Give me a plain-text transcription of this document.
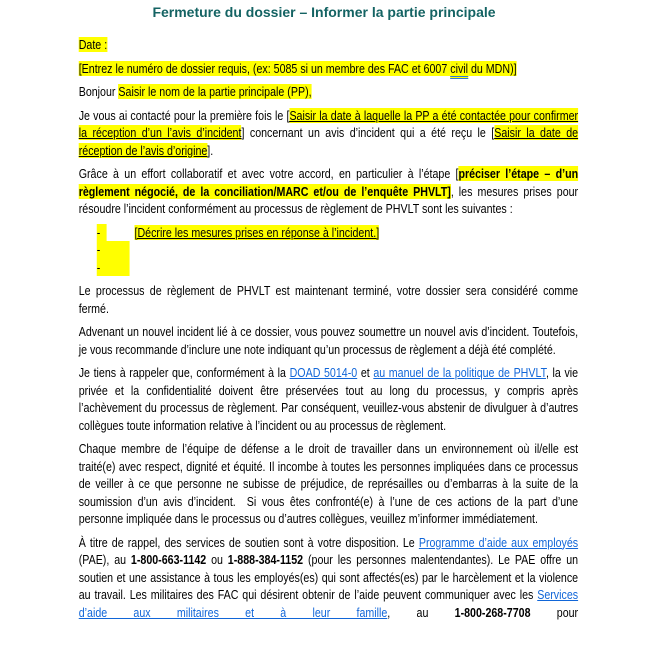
Fermeture du dossier – Informer la partie principale

Date :

[Entrez le numéro de dossier requis, (ex: 5085 si un membre des FAC et 6007 civil du MDN)]

Bonjour Saisir le nom de la partie principale (PP),

Je vous ai contacté pour la première fois le [Saisir la date à laquelle la PP a été contactée pour confirmer la réception d’un l’avis d’incident] concernant un avis d’incident qui a été reçu le [Saisir la date de réception de l’avis d’origine].

Grâce à un effort collaboratif et avec votre accord, en particulier à l’étape [préciser l’étape – d’un règlement négocié, de la conciliation/MARC et/ou de l’enquête PHVLT], les mesures prises pour résoudre l’incident conformément au processus de règlement de PHVLT sont les suivantes :

-	[Décrire les mesures prises en réponse à l’incident.]

-

-

Le processus de règlement de PHVLT est maintenant terminé, votre dossier sera considéré comme fermé.

Advenant un nouvel incident lié à ce dossier, vous pouvez soumettre un nouvel avis d’incident. Toutefois, je vous recommande d’inclure une note indiquant qu’un processus de règlement a déjà été complété.

Je tiens à rappeler que, conformément à la DOAD 5014-0 et au manuel de la politique de PHVLT, la vie privée et la confidentialité doivent être préservées tout au long du processus, y compris après l’achèvement du processus de règlement. Par conséquent, veuillez-vous abstenir de divulguer à d’autres collègues toute information relative à l’incident ou au processus de règlement.

Chaque membre de l’équipe de défense a le droit de travailler dans un environnement où il/elle est traité(e) avec respect, dignité et équité. Il incombe à toutes les personnes impliquées dans ce processus de veiller à ce que personne ne subisse de préjudice, de représailles ou d’embarras à la suite de la soumission d’un avis d’incident.  Si vous êtes confronté(e) à l’une de ces actions de la part d’une personne impliquée dans le processus ou d’autres collègues, veuillez m’informer immédiatement.

À titre de rappel, des services de soutien sont à votre disposition. Le Programme d’aide aux employés (PAE), au 1-800-663-1142 ou 1-888-384-1152 (pour les personnes malentendantes). Le PAE offre un soutien et une assistance à tous les employés(es) qui sont affectés(es) par le harcèlement et la violence au travail. Les militaires des FAC qui désirent obtenir de l’aide peuvent communiquer avec les Services d’aide aux militaires et à leur famille, au 1-800-268-7708 pour
